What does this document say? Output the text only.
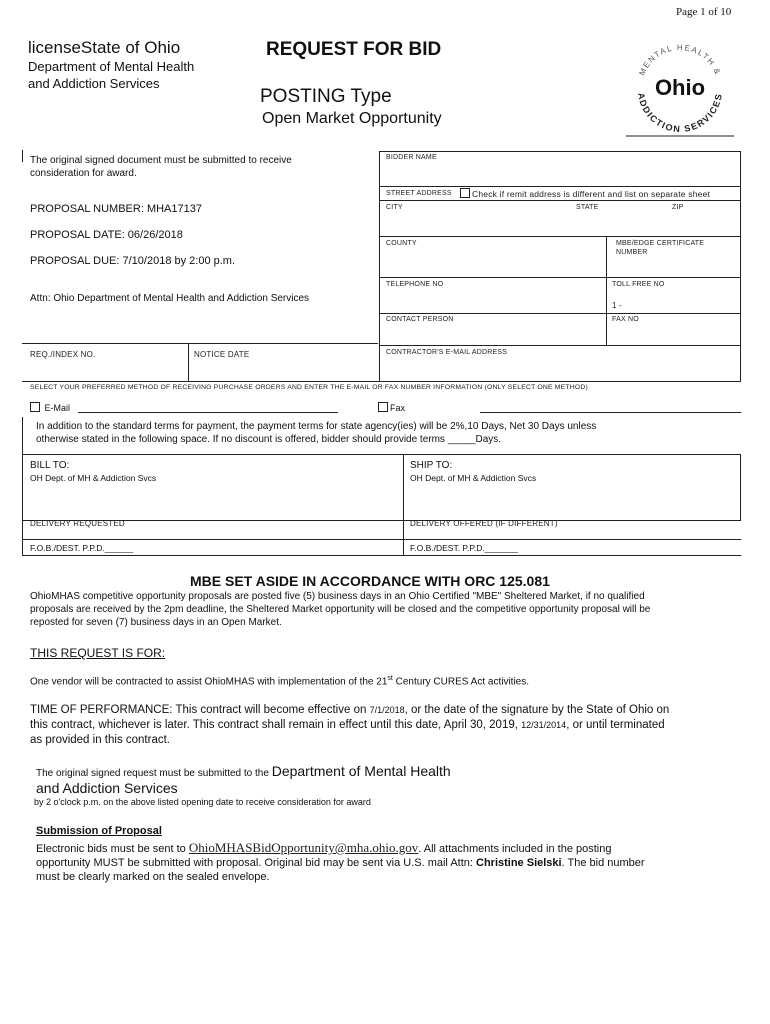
Page 1 of 10
licenseState of Ohio
Department of Mental Health
and Addiction Services
REQUEST FOR BID
POSTING Type
Open Market Opportunity
MENTAL HEALTH &
ADDICTION SERVICES
Ohio
The original signed document must be submitted to receive
consideration for award.
PROPOSAL NUMBER: MHA17137
PROPOSAL DATE: 06/26/2018
PROPOSAL DUE: 7/10/2018 by 2:00 p.m.
Attn: Ohio Department of Mental Health and Addiction Services
REQ./INDEX NO.	NOTICE DATE
BIDDER NAME
STREET ADDRESS	Check if remit address is different and list on separate sheet
CITY	STATE	ZIP
COUNTY	MBE/EDGE CERTIFICATE NUMBER
TELEPHONE NO	TOLL FREE NO
1 -
CONTACT PERSON	FAX NO
CONTRACTOR'S E-MAIL ADDRESS
SELECT YOUR PREFERRED METHOD OF RECEIVING PURCHASE ORDERS AND ENTER THE E-MAIL OR FAX NUMBER INFORMATION (ONLY SELECT ONE METHOD)
E-Mail	Fax
In addition to the standard terms for payment, the payment terms for state agency(ies) will be 2%,10 Days, Net 30 Days unless
otherwise stated in the following space. If no discount is offered, bidder should provide terms _____Days.
BILL TO:
OH Dept. of MH & Addiction Svcs
SHIP TO:
OH Dept. of MH & Addiction Svcs
DELIVERY REQUESTED	DELIVERY OFFERED (IF DIFFERENT)
F.O.B./DEST. P.P.D.______	F.O.B./DEST. P.P.D._______
MBE SET ASIDE IN ACCORDANCE WITH ORC 125.081
OhioMHAS competitive opportunity proposals are posted five (5) business days in an Ohio Certified "MBE" Sheltered Market, if no qualified
proposals are received by the 2pm deadline, the Sheltered Market opportunity will be closed and the competitive opportunity proposal will be
reposted for seven (7) business days in an Open Market.
THIS REQUEST IS FOR:
One vendor will be contracted to assist OhioMHAS with implementation of the 21st Century CURES Act activities.
TIME OF PERFORMANCE: This contract will become effective on 7/1/2018, or the date of the signature by the State of Ohio on
this contract, whichever is later. This contract shall remain in effect until this date, April 30, 2019, 12/31/2014, or until terminated
as provided in this contract.
The original signed request must be submitted to the Department of Mental Health
and Addiction Services
by 2 o'clock p.m. on the above listed opening date to receive consideration for award
Submission of Proposal
Electronic bids must be sent to OhioMHASBidOpportunity@mha.ohio.gov. All attachments included in the posting
opportunity MUST be submitted with proposal. Original bid may be sent via U.S. mail Attn: Christine Sielski. The bid number
must be clearly marked on the sealed envelope.
